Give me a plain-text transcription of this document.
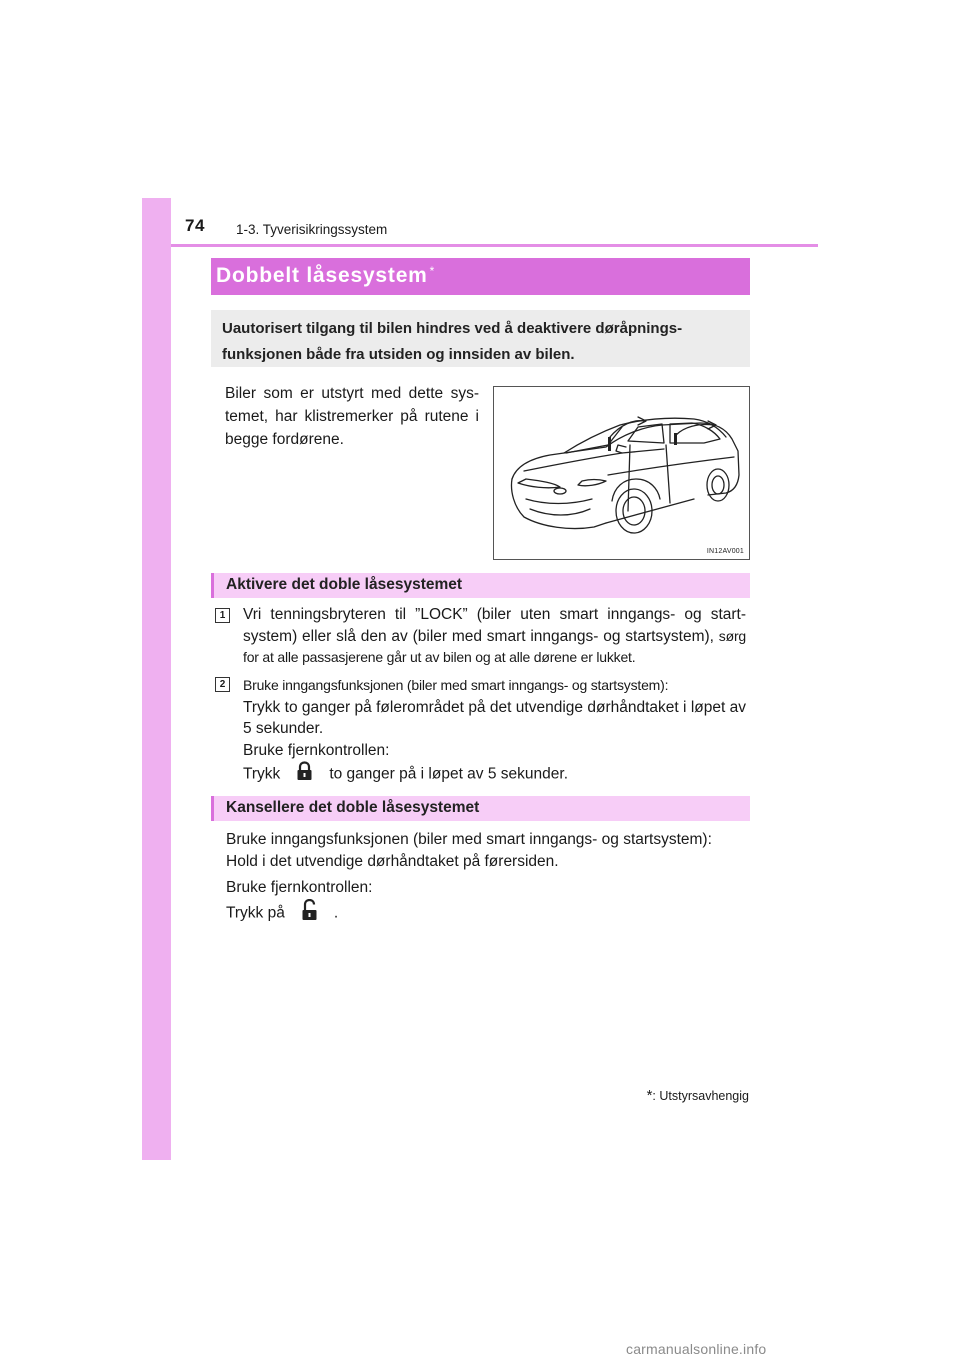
74 1-3. Tyverisikringssystem
Dobbelt låsesystem *
Uautorisert tilgang til bilen hindres ved å deaktivere døråpnings-funksjonen både fra utsiden og innsiden av bilen.
Biler som er utstyrt med dette sys-temet, har klistremerker på rutene i begge fordørene.
IN12AV001
Aktivere det doble låsesystemet
1	Vri tenningsbryteren til ”LOCK” (biler uten smart inngangs- og start-system) eller slå den av (biler med smart inngangs- og startsystem), sørg for at alle passasjerene går ut av bilen og at alle dørene er lukket.
2	Bruke inngangsfunksjonen (biler med smart inngangs- og startsystem):
Trykk to ganger på følerområdet på det utvendige dørhåndtaket i løpet av 5 sekunder.
Bruke fjernkontrollen:
Trykk	to ganger på i løpet av 5 sekunder.
Kansellere det doble låsesystemet
Bruke inngangsfunksjonen (biler med smart inngangs- og startsystem): Hold i det utvendige dørhåndtaket på førersiden.
Bruke fjernkontrollen:
Trykk på	.
*: Utstyrsavhengig
carmanualsonline.info
